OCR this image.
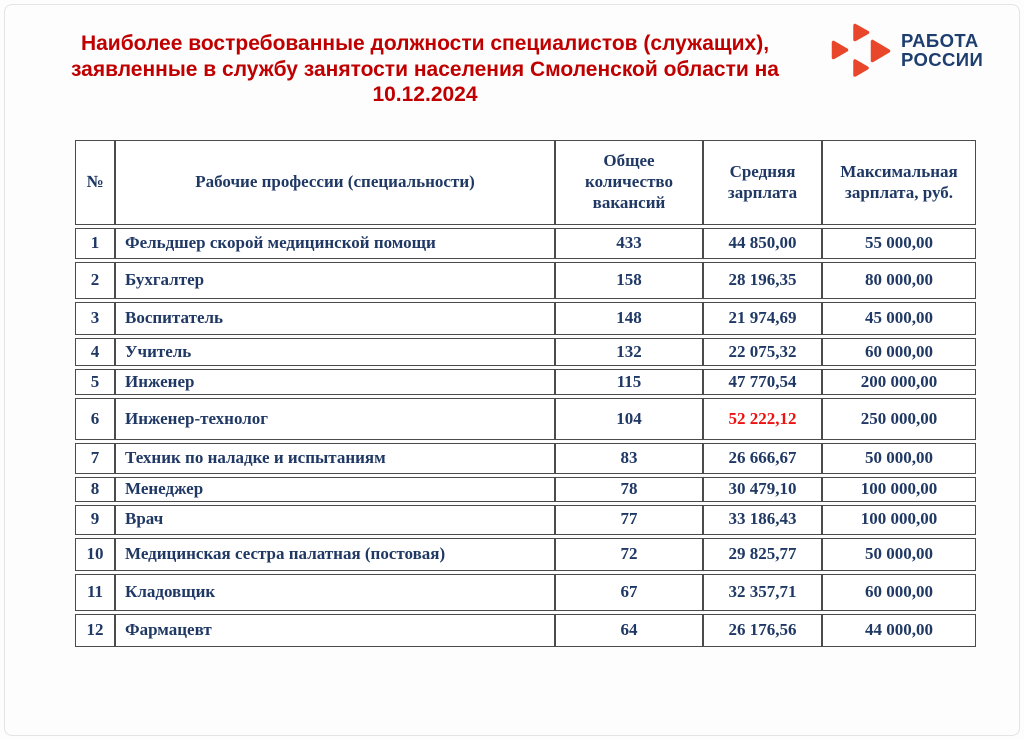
Наиболее востребованные должности специалистов (служащих),
заявленные в службу занятости населения Смоленской области на
10.12.2024
РАБОТА
РОССИИ
№	Рабочие профессии (специальности)	Общее количество вакансий	Средняя зарплата	Максимальная зарплата, руб.
1	Фельдшер скорой медицинской помощи	433	44 850,00	55 000,00
2	Бухгалтер	158	28 196,35	80 000,00
3	Воспитатель	148	21 974,69	45 000,00
4	Учитель	132	22 075,32	60 000,00
5	Инженер	115	47 770,54	200 000,00
6	Инженер-технолог	104	52 222,12	250 000,00
7	Техник по наладке и испытаниям	83	26 666,67	50 000,00
8	Менеджер	78	30 479,10	100 000,00
9	Врач	77	33 186,43	100 000,00
10	Медицинская сестра палатная (постовая)	72	29 825,77	50 000,00
11	Кладовщик	67	32 357,71	60 000,00
12	Фармацевт	64	26 176,56	44 000,00
